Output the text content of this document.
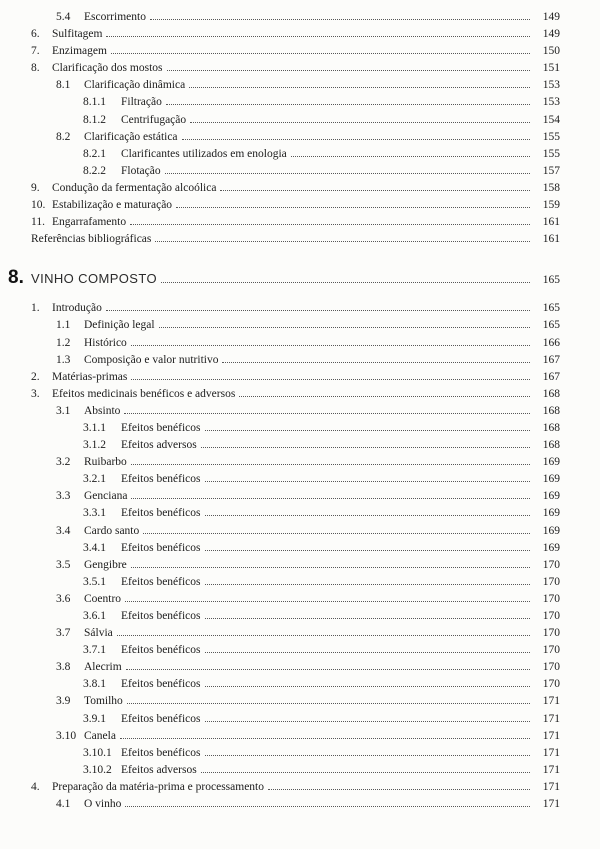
5.4	Escorrimento	149
6.	Sulfitagem	149
7.	Enzimagem	150
8.	Clarificação dos mostos	151
8.1	Clarificação dinâmica	153
8.1.1	Filtração	153
8.1.2	Centrifugação	154
8.2	Clarificação estática	155
8.2.1	Clarificantes utilizados em enologia	155
8.2.2	Flotação	157
9.	Condução da fermentação alcoólica	158
10. Estabilização e maturação	159
11. Engarrafamento	161
Referências bibliográficas	161
8. VINHO COMPOSTO	165
1.	Introdução	165
1.1	Definição legal	165
1.2	Histórico	166
1.3	Composição e valor nutritivo	167
2.	Matérias-primas	167
3.	Efeitos medicinais benéficos e adversos	168
3.1	Absinto	168
3.1.1	Efeitos benéficos	168
3.1.2	Efeitos adversos	168
3.2	Ruibarbo	169
3.2.1	Efeitos benéficos	169
3.3	Genciana	169
3.3.1	Efeitos benéficos	169
3.4	Cardo santo	169
3.4.1	Efeitos benéficos	169
3.5	Gengibre	170
3.5.1	Efeitos benéficos	170
3.6	Coentro	170
3.6.1	Efeitos benéficos	170
3.7	Sálvia	170
3.7.1	Efeitos benéficos	170
3.8	Alecrim	170
3.8.1	Efeitos benéficos	170
3.9	Tomilho	171
3.9.1	Efeitos benéficos	171
3.10 Canela	171
3.10.1 Efeitos benéficos	171
3.10.2 Efeitos adversos	171
4.	Preparação da matéria-prima e processamento	171
4.1	O vinho	171
